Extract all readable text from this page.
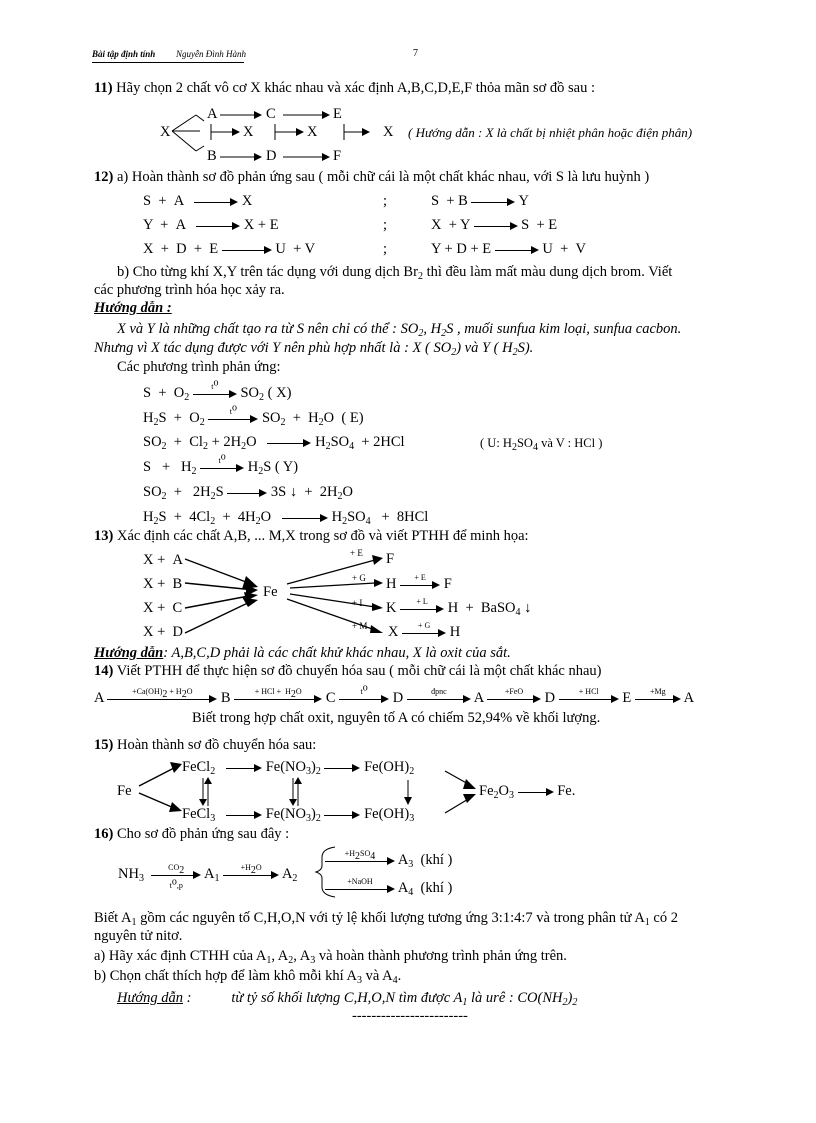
Bài tập định tính Nguyễn Đình Hành	7
11) Hãy chọn 2 chất vô cơ X khác nhau và xác định A,B,C,D,E,F thỏa mãn sơ đồ sau :
X
A
B
C
D
E
F
X	X	X ( Hướng dẫn : X là chất bị nhiệt phân hoặc điện phân)
12) a) Hoàn thành sơ đồ phản ứng sau ( mỗi chữ cái là một chất khác nhau, với S là lưu huỳnh )
S  +  A	X	;	S  + B	Y
Y  +  A	X + E	;	X  + Y	S  + E
X  +  D  +  E	U  + V	;	Y + D + E	U  +  V
b) Cho từng khí X,Y trên tác dụng với dung dịch $Br_2$ thì đều làm mất màu dung dịch brom. Viết
các phương trình hóa học xảy ra.
Hướng dẫn :
X và Y là những chất tạo ra từ S nên chỉ có thể : $SO_2$, $H_2S$ , muối sunfua kim loại, sunfua cacbon.
Nhưng vì X tác dụng được với Y nên phù hợp nhất là : X ( $SO_2$) và Y ( $H_2S$).
Các phương trình phản ứng:
$S + O_2$
$t^o$
$SO_2$ ( X)
$H_2S + O_2$
$t^o$
$SO_2 + H_2O$  ( E)
$SO_2 + Cl_2 + 2H_2O$	$H_2SO_4 + 2HCl$	( U: $H_2SO_4$ và V : HCl )
$S + H_2$
$t^o$
$H_2S$ ( Y)
$SO_2 + 2H_2S$	3S ↓  +  $2H_2O$
$H_2S + 4Cl_2 + 4H_2O$	$H_2SO_4 + 8HCl$
13) Xác định các chất A,B, ... M,X trong sơ đồ và viết PTHH để minh họa:
X +  A
X +  B
X +  C
X +  D
Fe
+ E F
+ G H	+ E F
+ I K	+ L	H  +  BaSO$_4$ ↓
+ M X	+ G	H
Hướng dẫn: A,B,C,D phải là các chất khử khác nhau, X là oxit của sắt.
14) Viết PTHH để thực hiện sơ đồ chuyển hóa sau ( mỗi chữ cái là một chất khác nhau)
A	$+Ca(OH)_2 + H_2O$	B	+ HCl +  $H_2O$	C	$t^o$
D	đpnc	A	+FeO	D	+ HCl	E	+Mg	A
Biết trong hợp chất oxit, nguyên tố A có chiếm 52,94% về khối lượng.
15) Hoàn thành sơ đồ chuyển hóa sau:
Fe
FeCl$_2$	$Fe(NO_3)_2$	$Fe(OH)_2$
FeCl$_3$	$Fe(NO_3)_2$	$Fe(OH)_3$
$Fe_2O_3$	Fe.
16) Cho sơ đồ phản ứng sau đây :
$NH_3$
$CO_2$
$t^o,p$
$A_1$
$+H_2O$	$A_2$
$+H_2SO_4$	$A_3$ (khí )
+NaOH	$A_4$ (khí )
Biết $A_1$ gồm các nguyên tố C,H,O,N với tỷ lệ khối lượng tương ứng 3:1:4:7 và trong phân tử $A_1$ có 2
nguyên tử nitơ.
a) Hãy xác định CTHH của $A_1$, $A_2$, $A_3$ và hoàn thành phương trình phản ứng trên.
b) Chọn chất thích hợp để làm khô mỗi khí $A_3$ và $A_4$.
Hướng dẫn :           từ tỷ số khối lượng C,H,O,N tìm được $A_1$ là urê : $CO(NH_2)_2$
------------------------
